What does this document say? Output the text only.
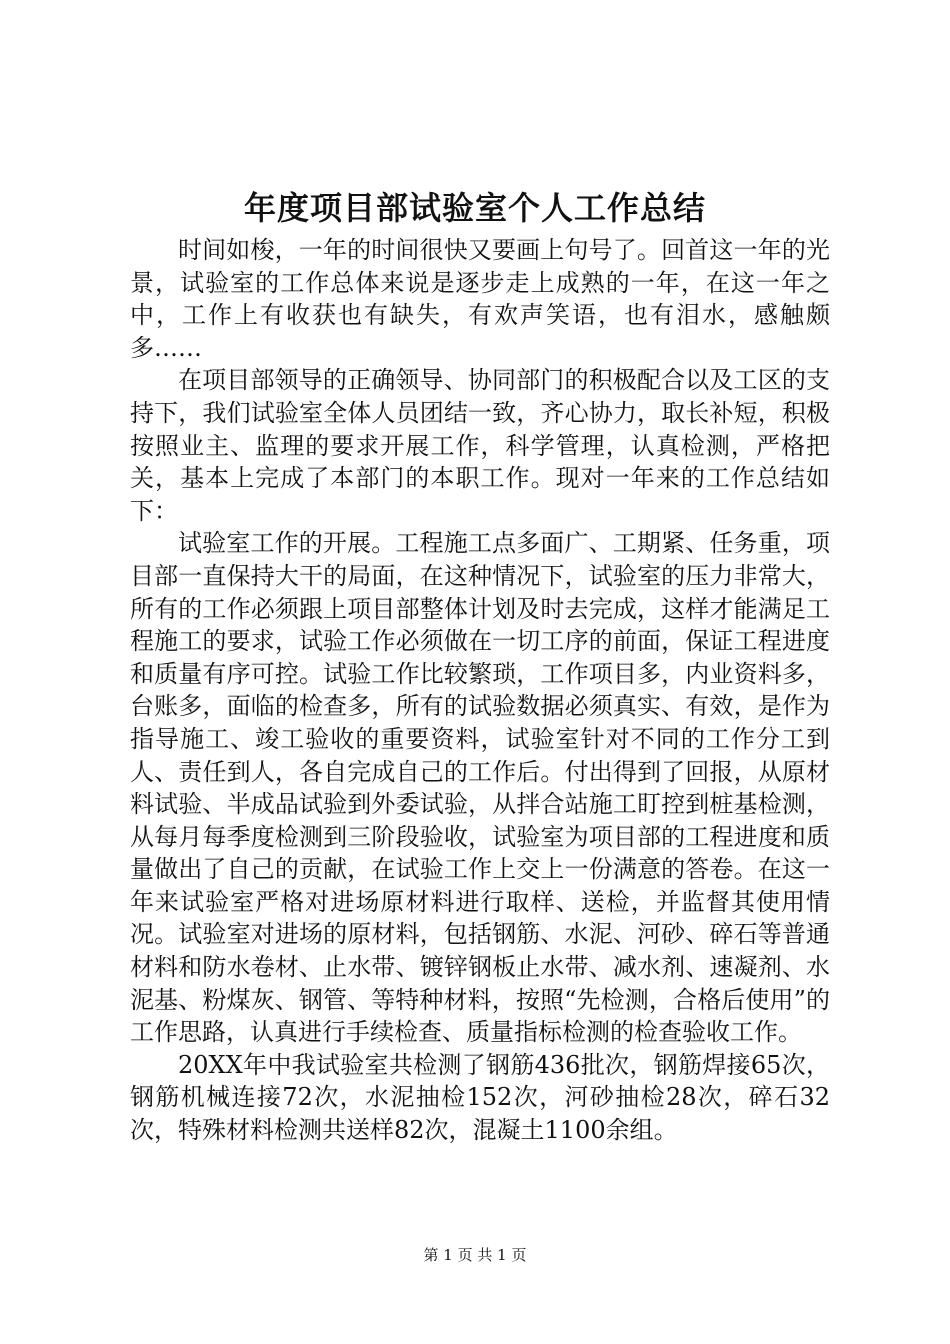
年度项目部试验室个人工作总结

时间如梭，一年的时间很快又要画上句号了。回首这一年的光景，试验室的工作总体来说是逐步走上成熟的一年，在这一年之中，工作上有收获也有缺失，有欢声笑语，也有泪水，感触颇多……

在项目部领导的正确领导、协同部门的积极配合以及工区的支持下，我们试验室全体人员团结一致，齐心协力，取长补短，积极按照业主、监理的要求开展工作，科学管理，认真检测，严格把关，基本上完成了本部门的本职工作。现对一年来的工作总结如下：

试验室工作的开展。工程施工点多面广、工期紧、任务重，项目部一直保持大干的局面，在这种情况下，试验室的压力非常大，所有的工作必须跟上项目部整体计划及时去完成，这样才能满足工程施工的要求，试验工作必须做在一切工序的前面，保证工程进度和质量有序可控。试验工作比较繁琐，工作项目多，内业资料多，台账多，面临的检查多，所有的试验数据必须真实、有效，是作为指导施工、竣工验收的重要资料，试验室针对不同的工作分工到人、责任到人，各自完成自己的工作后。付出得到了回报，从原材料试验、半成品试验到外委试验，从拌合站施工盯控到桩基检测，从每月每季度检测到三阶段验收，试验室为项目部的工程进度和质量做出了自己的贡献，在试验工作上交上一份满意的答卷。在这一年来试验室严格对进场原材料进行取样、送检，并监督其使用情况。试验室对进场的原材料，包括钢筋、水泥、河砂、碎石等普通材料和防水卷材、止水带、镀锌钢板止水带、减水剂、速凝剂、水泥基、粉煤灰、钢管、等特种材料，按照“先检测，合格后使用”的工作思路，认真进行手续检查、质量指标检测的检查验收工作。

20XX年中我试验室共检测了钢筋436批次，钢筋焊接65次，钢筋机械连接72次，水泥抽检152次，河砂抽检28次，碎石32次，特殊材料检测共送样82次，混凝土1100余组。

第 1 页 共 1 页
